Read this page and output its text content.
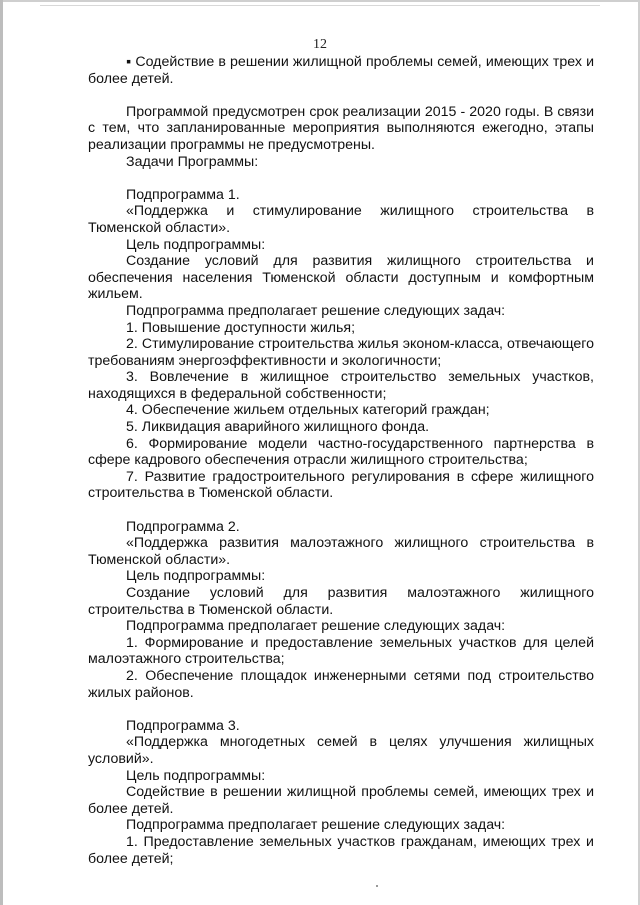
12

▪ Содействие в решении жилищной проблемы семей, имеющих трех и более детей.

Программой предусмотрен срок реализации 2015 - 2020 годы. В связи с тем, что запланированные мероприятия выполняются ежегодно, этапы реализации программы не предусмотрены.

Задачи Программы:

Подпрограмма 1.

«Поддержка и стимулирование жилищного строительства в Тюменской области».

Цель подпрограммы:

Создание условий для развития жилищного строительства и обеспечения населения Тюменской области доступным и комфортным жильем.

Подпрограмма предполагает решение следующих задач:

1. Повышение доступности жилья;

2. Стимулирование строительства жилья эконом-класса, отвечающего требованиям энергоэффективности и экологичности;

3. Вовлечение в жилищное строительство земельных участков, находящихся в федеральной собственности;

4. Обеспечение жильем отдельных категорий граждан;

5. Ликвидация аварийного жилищного фонда.

6. Формирование модели частно-государственного партнерства в сфере кадрового обеспечения отрасли жилищного строительства;

7. Развитие градостроительного регулирования в сфере жилищного строительства в Тюменской области.

Подпрограмма 2.

«Поддержка развития малоэтажного жилищного строительства в Тюменской области».

Цель подпрограммы:

Создание условий для развития малоэтажного жилищного строительства в Тюменской области.

Подпрограмма предполагает решение следующих задач:

1. Формирование и предоставление земельных участков для целей малоэтажного строительства;

2. Обеспечение площадок инженерными сетями под строительство жилых районов.

Подпрограмма 3.

«Поддержка многодетных семей в целях улучшения жилищных условий».

Цель подпрограммы:

Содействие в решении жилищной проблемы семей, имеющих трех и более детей.

Подпрограмма предполагает решение следующих задач:

1. Предоставление земельных участков гражданам, имеющих трех и более детей;
